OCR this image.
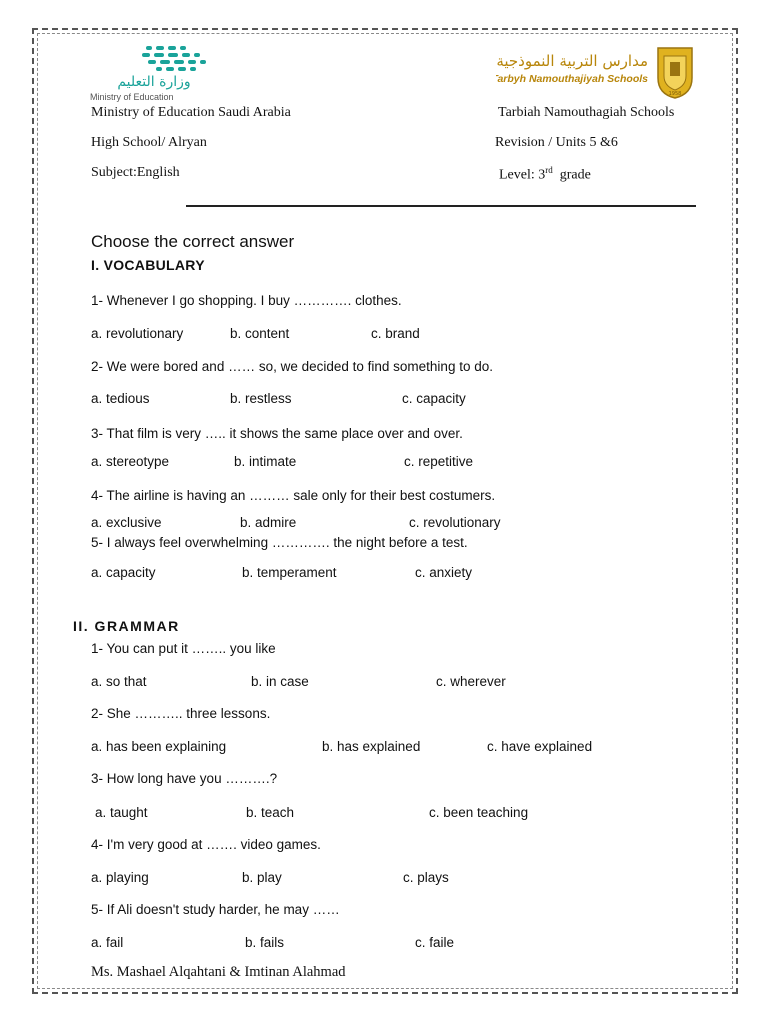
وزارة التعليم
Ministry of Education
مدارس التربية النموذجية
Tarbyh Namouthajiyah Schools
1958
Ministry of Education Saudi Arabia
High School/ Alryan
Subject:English
Tarbiah Namouthagiah Schools
Revision / Units 5 &6
Level: 3rd grade
Choose the correct answer
I. VOCABULARY
1- Whenever I go shopping. I buy …………. clothes.
a. revolutionary	b. content	c. brand
2- We were bored and …… so, we decided to find something to do.
a. tedious	b. restless	c. capacity
3- That film is very ….. it shows the same place over and over.
a. stereotype	b. intimate	c. repetitive
4- The airline is having an ……… sale only for their best costumers.
a. exclusive	b. admire	c. revolutionary
5- I always feel overwhelming …………. the night before a test.
a. capacity	b. temperament	c. anxiety
II. GRAMMAR
1- You can put it …….. you like
a. so that	b. in case	c. wherever
2- She ……….. three lessons.
a. has been explaining	b. has explained	c. have explained
3- How long have you ……….?
a. taught	b. teach	c. been teaching
4- I'm very good at ……. video games.
a. playing	b. play	c. plays
5- If Ali doesn't study harder, he may ……
a. fail	b. fails	c. faile
Ms. Mashael Alqahtani & Imtinan Alahmad
